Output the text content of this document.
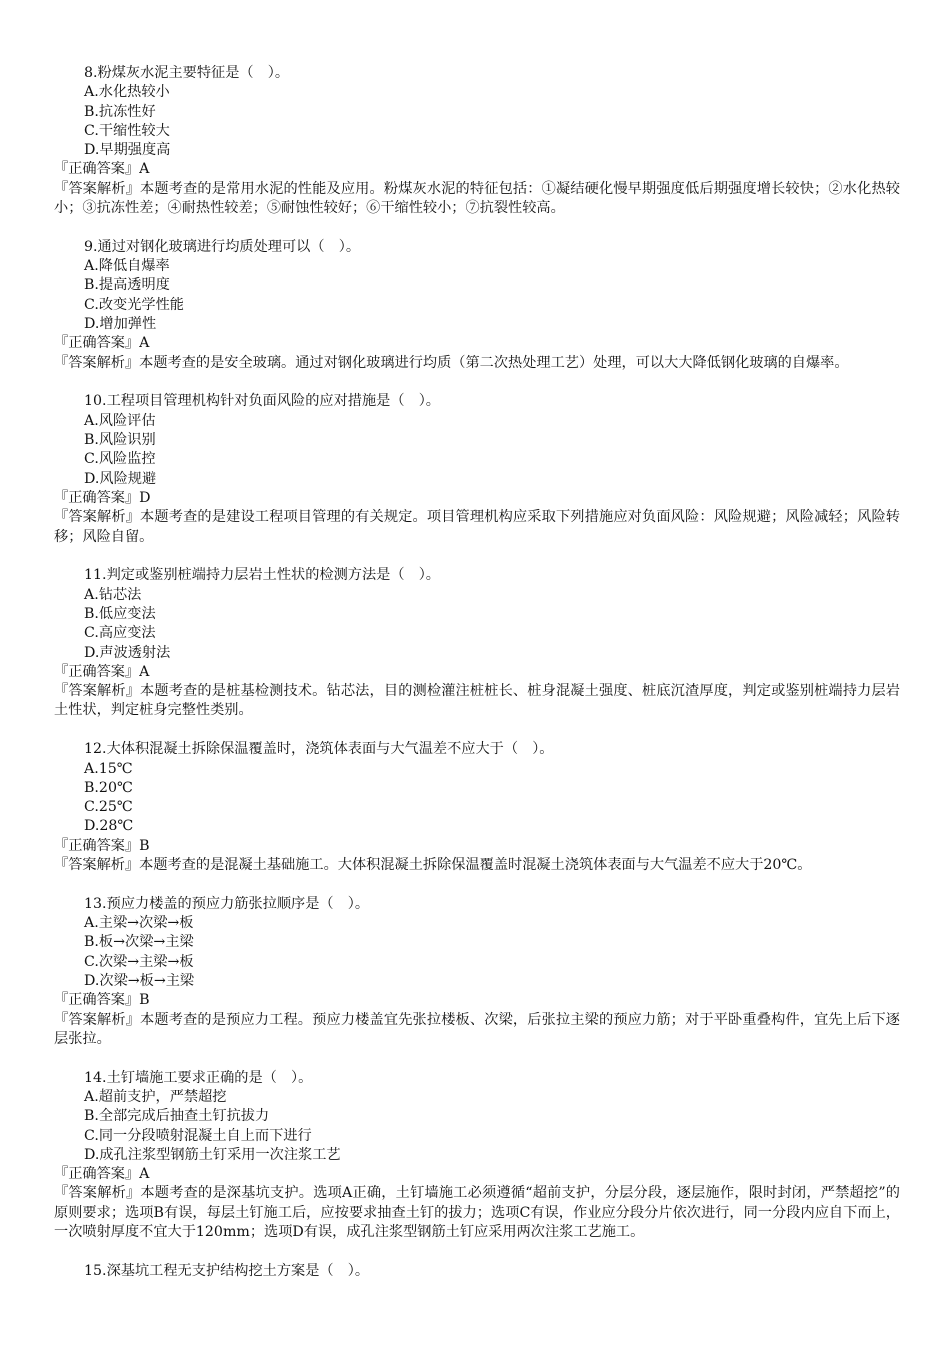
8.粉煤灰水泥主要特征是（　）。
A.水化热较小
B.抗冻性好
C.干缩性较大
D.早期强度高
『正确答案』A
『答案解析』本题考查的是常用水泥的性能及应用。粉煤灰水泥的特征包括：①凝结硬化慢早期强度低后期强度增长较快；②水化热较小；③抗冻性差；④耐热性较差；⑤耐蚀性较好；⑥干缩性较小；⑦抗裂性较高。
9.通过对钢化玻璃进行均质处理可以（　）。
A.降低自爆率
B.提高透明度
C.改变光学性能
D.增加弹性
『正确答案』A
『答案解析』本题考查的是安全玻璃。通过对钢化玻璃进行均质（第二次热处理工艺）处理，可以大大降低钢化玻璃的自爆率。
10.工程项目管理机构针对负面风险的应对措施是（　）。
A.风险评估
B.风险识别
C.风险监控
D.风险规避
『正确答案』D
『答案解析』本题考查的是建设工程项目管理的有关规定。项目管理机构应采取下列措施应对负面风险：风险规避；风险减轻；风险转移；风险自留。
11.判定或鉴别桩端持力层岩土性状的检测方法是（　）。
A.钻芯法
B.低应变法
C.高应变法
D.声波透射法
『正确答案』A
『答案解析』本题考查的是桩基检测技术。钻芯法，目的测检灌注桩桩长、桩身混凝土强度、桩底沉渣厚度，判定或鉴别桩端持力层岩土性状，判定桩身完整性类别。
12.大体积混凝土拆除保温覆盖时，浇筑体表面与大气温差不应大于（　）。
A.15℃
B.20℃
C.25℃
D.28℃
『正确答案』B
『答案解析』本题考查的是混凝土基础施工。大体积混凝土拆除保温覆盖时混凝土浇筑体表面与大气温差不应大于20℃。
13.预应力楼盖的预应力筋张拉顺序是（　）。
A.主梁→次梁→板
B.板→次梁→主梁
C.次梁→主梁→板
D.次梁→板→主梁
『正确答案』B
『答案解析』本题考查的是预应力工程。预应力楼盖宜先张拉楼板、次梁，后张拉主梁的预应力筋；对于平卧重叠构件，宜先上后下逐层张拉。
14.土钉墙施工要求正确的是（　）。
A.超前支护，严禁超挖
B.全部完成后抽查土钉抗拔力
C.同一分段喷射混凝土自上而下进行
D.成孔注浆型钢筋土钉采用一次注浆工艺
『正确答案』A
『答案解析』本题考查的是深基坑支护。选项A正确，土钉墙施工必须遵循“超前支护，分层分段，逐层施作，限时封闭，严禁超挖”的原则要求；选项B有误，每层土钉施工后，应按要求抽查土钉的拔力；选项C有误，作业应分段分片依次进行，同一分段内应自下而上，一次喷射厚度不宜大于120mm；选项D有误，成孔注浆型钢筋土钉应采用两次注浆工艺施工。
15.深基坑工程无支护结构挖土方案是（　）。
